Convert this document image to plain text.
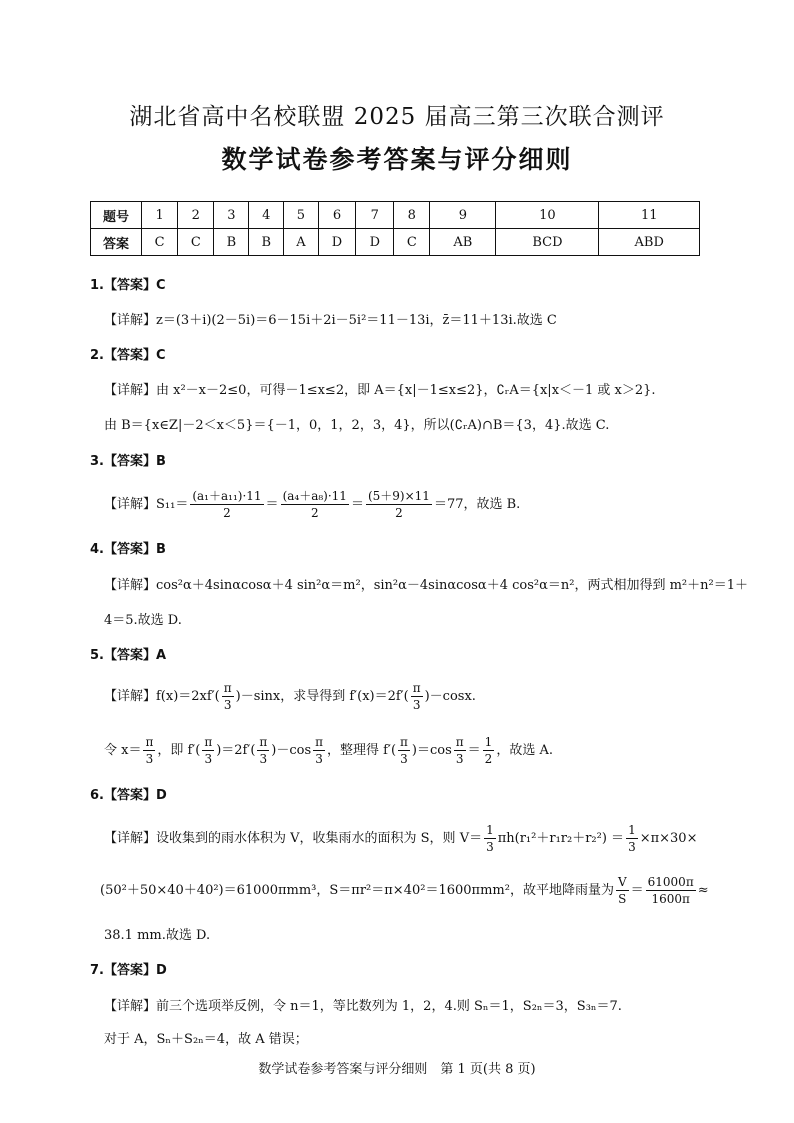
湖北省高中名校联盟 2025 届高三第三次联合测评
数学试卷参考答案与评分细则
题号	1	2	3	4	5	6	7	8	9	10	11
答案	C	C	B	B	A	D	D	C	AB	BCD	ABD
1.【答案】C
【详解】z＝(3＋i)(2－5i)＝6－15i＋2i－5i²＝11－13i，z̄＝11＋13i.故选 C
2.【答案】C
【详解】由 x²－x－2≤0，可得－1≤x≤2，即 A＝{x|－1≤x≤2}，∁ᵣA＝{x|x＜－1 或 x＞2}.
由 B＝{x∈Z|－2＜x＜5}＝{－1，0，1，2，3，4}，所以(∁ᵣA)∩B＝{3，4}.故选 C.
3.【答案】B
【详解】$S_{11}= \frac{\text{(a₁＋a₁₁)·11}}{2} = \frac{\text{(a₄＋a₈)·11}}{2} = \frac{(5+9)\times 11}{2} =77$，故选 B.
4.【答案】B
【详解】cos²α＋4sinαcosα＋4 sin²α＝m²，sin²α－4sinαcosα＋4 cos²α＝n²，两式相加得到 m²＋n²＝1＋
4＝5.故选 D.
5.【答案】A
【详解】$f(x)=2xf'( \frac{\pi}{3} )-\sin x$，求导得到 $f'(x)=2f'( \frac{\pi}{3} )-\cos x$.
令 $x= \frac{\pi}{3}$ ，即 $f'( \frac{\pi}{3} )=2f'( \frac{\pi}{3} )-\cos \frac{\pi}{3}$ ，整理得 $f'( \frac{\pi}{3} )=\cos \frac{\pi}{3} = \frac{1}{2}$ ，故选 A.
6.【答案】D
【详解】设收集到的雨水体积为 V，收集雨水的面积为 S，则 $V= \frac{1}{3} \pi h(r_1^2+r_1r_2+r_2^2) = \frac{1}{3} \times\pi\times 30\times$
(50²＋50×40＋40²)＝61000πmm³，S＝πr²＝π×40²＝1600πmm²，故平地降雨量为 $\frac{V}{S} = \frac{61000\pi}{1600\pi}$ ≈
38.1 mm.故选 D.
7.【答案】D
【详解】前三个选项举反例，令 n＝1，等比数列为 1，2，4.则 Sₙ＝1，S₂ₙ＝3，S₃ₙ＝7.
对于 A，Sₙ＋S₂ₙ＝4，故 A 错误；
数学试卷参考答案与评分细则　第 1 页(共 8 页)
